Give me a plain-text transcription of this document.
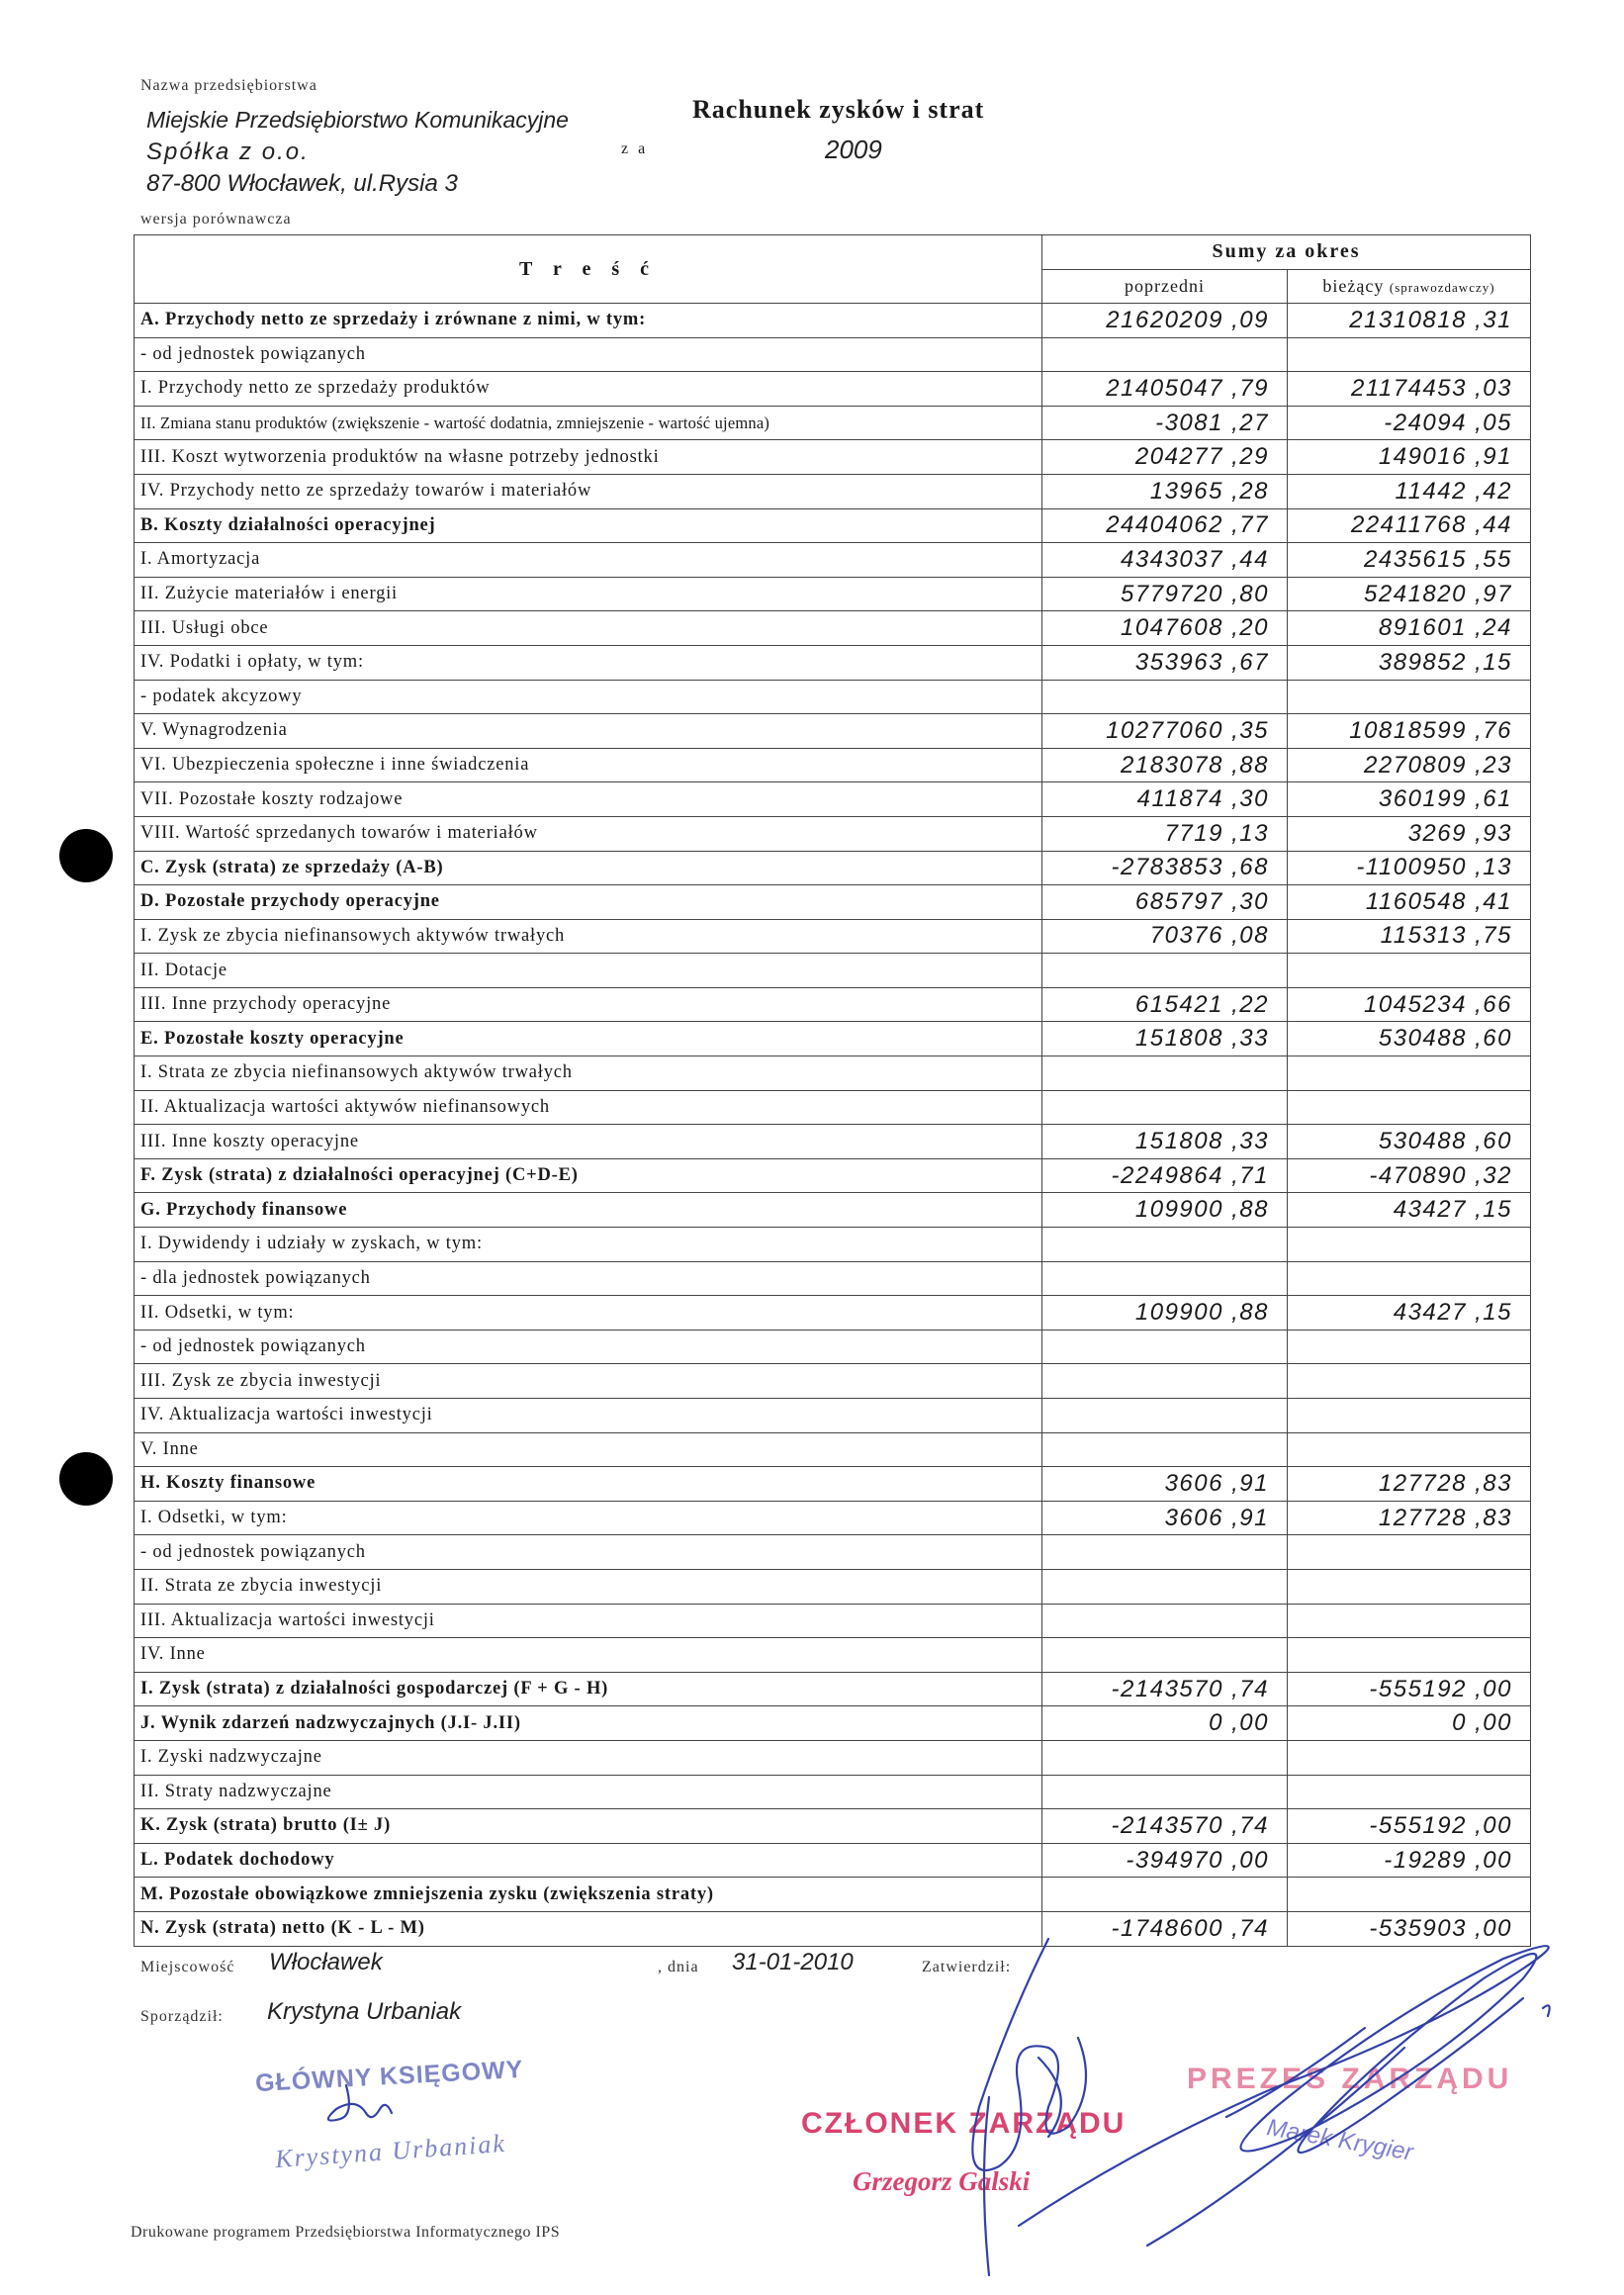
Nazwa przedsiębiorstwa
Miejskie Przedsiębiorstwo Komunikacyjne
Spółka z o.o.
87-800 Włocławek, ul.Rysia 3
wersja porównawcza
Rachunek zysków i strat
z a	2009
T r e ś ć	Sumy za okres	
	poprzedni	bieżący (sprawozdawczy)
A. Przychody netto ze sprzedaży i zrównane z nimi, w tym:	21620209 ,09	21310818 ,31
- od jednostek powiązanych		
I. Przychody netto ze sprzedaży produktów	21405047 ,79	21174453 ,03
II. Zmiana stanu produktów (zwiększenie - wartość dodatnia, zmniejszenie - wartość ujemna)	-3081 ,27	-24094 ,05
III. Koszt wytworzenia produktów na własne potrzeby jednostki	204277 ,29	149016 ,91
IV. Przychody netto ze sprzedaży towarów i materiałów	13965 ,28	11442 ,42
B. Koszty działalności operacyjnej	24404062 ,77	22411768 ,44
I. Amortyzacja	4343037 ,44	2435615 ,55
II. Zużycie materiałów i energii	5779720 ,80	5241820 ,97
III. Usługi obce	1047608 ,20	891601 ,24
IV. Podatki i opłaty, w tym:	353963 ,67	389852 ,15
- podatek akcyzowy		
V. Wynagrodzenia	10277060 ,35	10818599 ,76
VI. Ubezpieczenia społeczne i inne świadczenia	2183078 ,88	2270809 ,23
VII. Pozostałe koszty rodzajowe	411874 ,30	360199 ,61
VIII. Wartość sprzedanych towarów i materiałów	7719 ,13	3269 ,93
C. Zysk (strata) ze sprzedaży (A-B)	-2783853 ,68	-1100950 ,13
D. Pozostałe przychody operacyjne	685797 ,30	1160548 ,41
I. Zysk ze zbycia niefinansowych aktywów trwałych	70376 ,08	115313 ,75
II. Dotacje		
III. Inne przychody operacyjne	615421 ,22	1045234 ,66
E. Pozostałe koszty operacyjne	151808 ,33	530488 ,60
I. Strata ze zbycia niefinansowych aktywów trwałych		
II. Aktualizacja wartości aktywów niefinansowych		
III. Inne koszty operacyjne	151808 ,33	530488 ,60
F. Zysk (strata) z działalności operacyjnej (C+D-E)	-2249864 ,71	-470890 ,32
G. Przychody finansowe	109900 ,88	43427 ,15
I. Dywidendy i udziały w zyskach, w tym:		
- dla jednostek powiązanych		
II. Odsetki, w tym:	109900 ,88	43427 ,15
- od jednostek powiązanych		
III. Zysk ze zbycia inwestycji		
IV. Aktualizacja wartości inwestycji		
V. Inne		
H. Koszty finansowe	3606 ,91	127728 ,83
I. Odsetki, w tym:	3606 ,91	127728 ,83
- od jednostek powiązanych		
II. Strata ze zbycia inwestycji		
III. Aktualizacja wartości inwestycji		
IV. Inne		
I. Zysk (strata) z działalności gospodarczej (F + G - H)	-2143570 ,74	-555192 ,00
J. Wynik zdarzeń nadzwyczajnych (J.I- J.II)	0 ,00	0 ,00
I. Zyski nadzwyczajne		
II. Straty nadzwyczajne		
K. Zysk (strata) brutto (I± J)	-2143570 ,74	-555192 ,00
L. Podatek dochodowy	-394970 ,00	-19289 ,00
M. Pozostałe obowiązkowe zmniejszenia zysku (zwiększenia straty)		
N. Zysk (strata) netto (K - L - M)	-1748600 ,74	-535903 ,00
Miejscowość Włocławek	, dnia 31-01-2010	Zatwierdził:
Sporządził: Krystyna Urbaniak
GŁÓWNY KSIĘGOWY
Krystyna Urbaniak
CZŁONEK ZARZĄDU
Grzegorz Galski
PREZES ZARZĄDU
Marek Krygier
Drukowane programem Przedsiębiorstwa Informatycznego IPS
